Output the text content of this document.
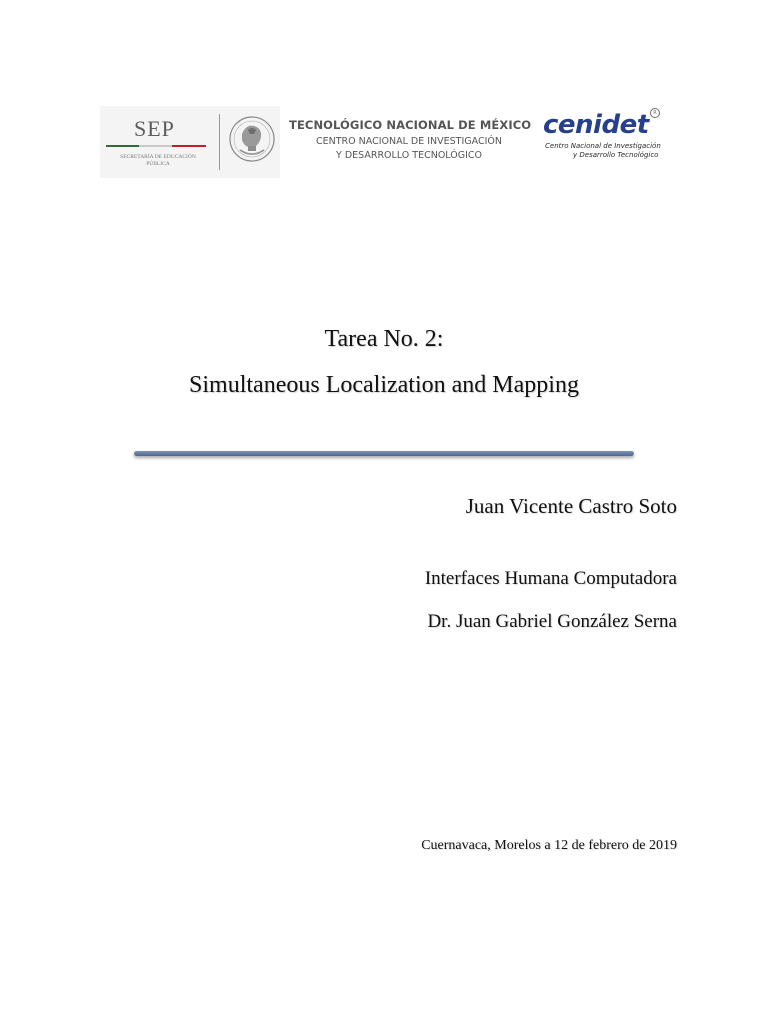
SEP
SECRETARÍA DE EDUCACIÓN PÚBLICA
TECNOLÓGICO NACIONAL DE MÉXICO
CENTRO NACIONAL DE INVESTIGACIÓN
Y DESARROLLO TECNOLÓGICO
cenidet R
Centro Nacional de Investigación
y Desarrollo Tecnológico
Tarea No. 2:
Simultaneous Localization and Mapping
Juan Vicente Castro Soto
Interfaces Humana Computadora
Dr. Juan Gabriel González Serna
Cuernavaca, Morelos a 12 de febrero de 2019
